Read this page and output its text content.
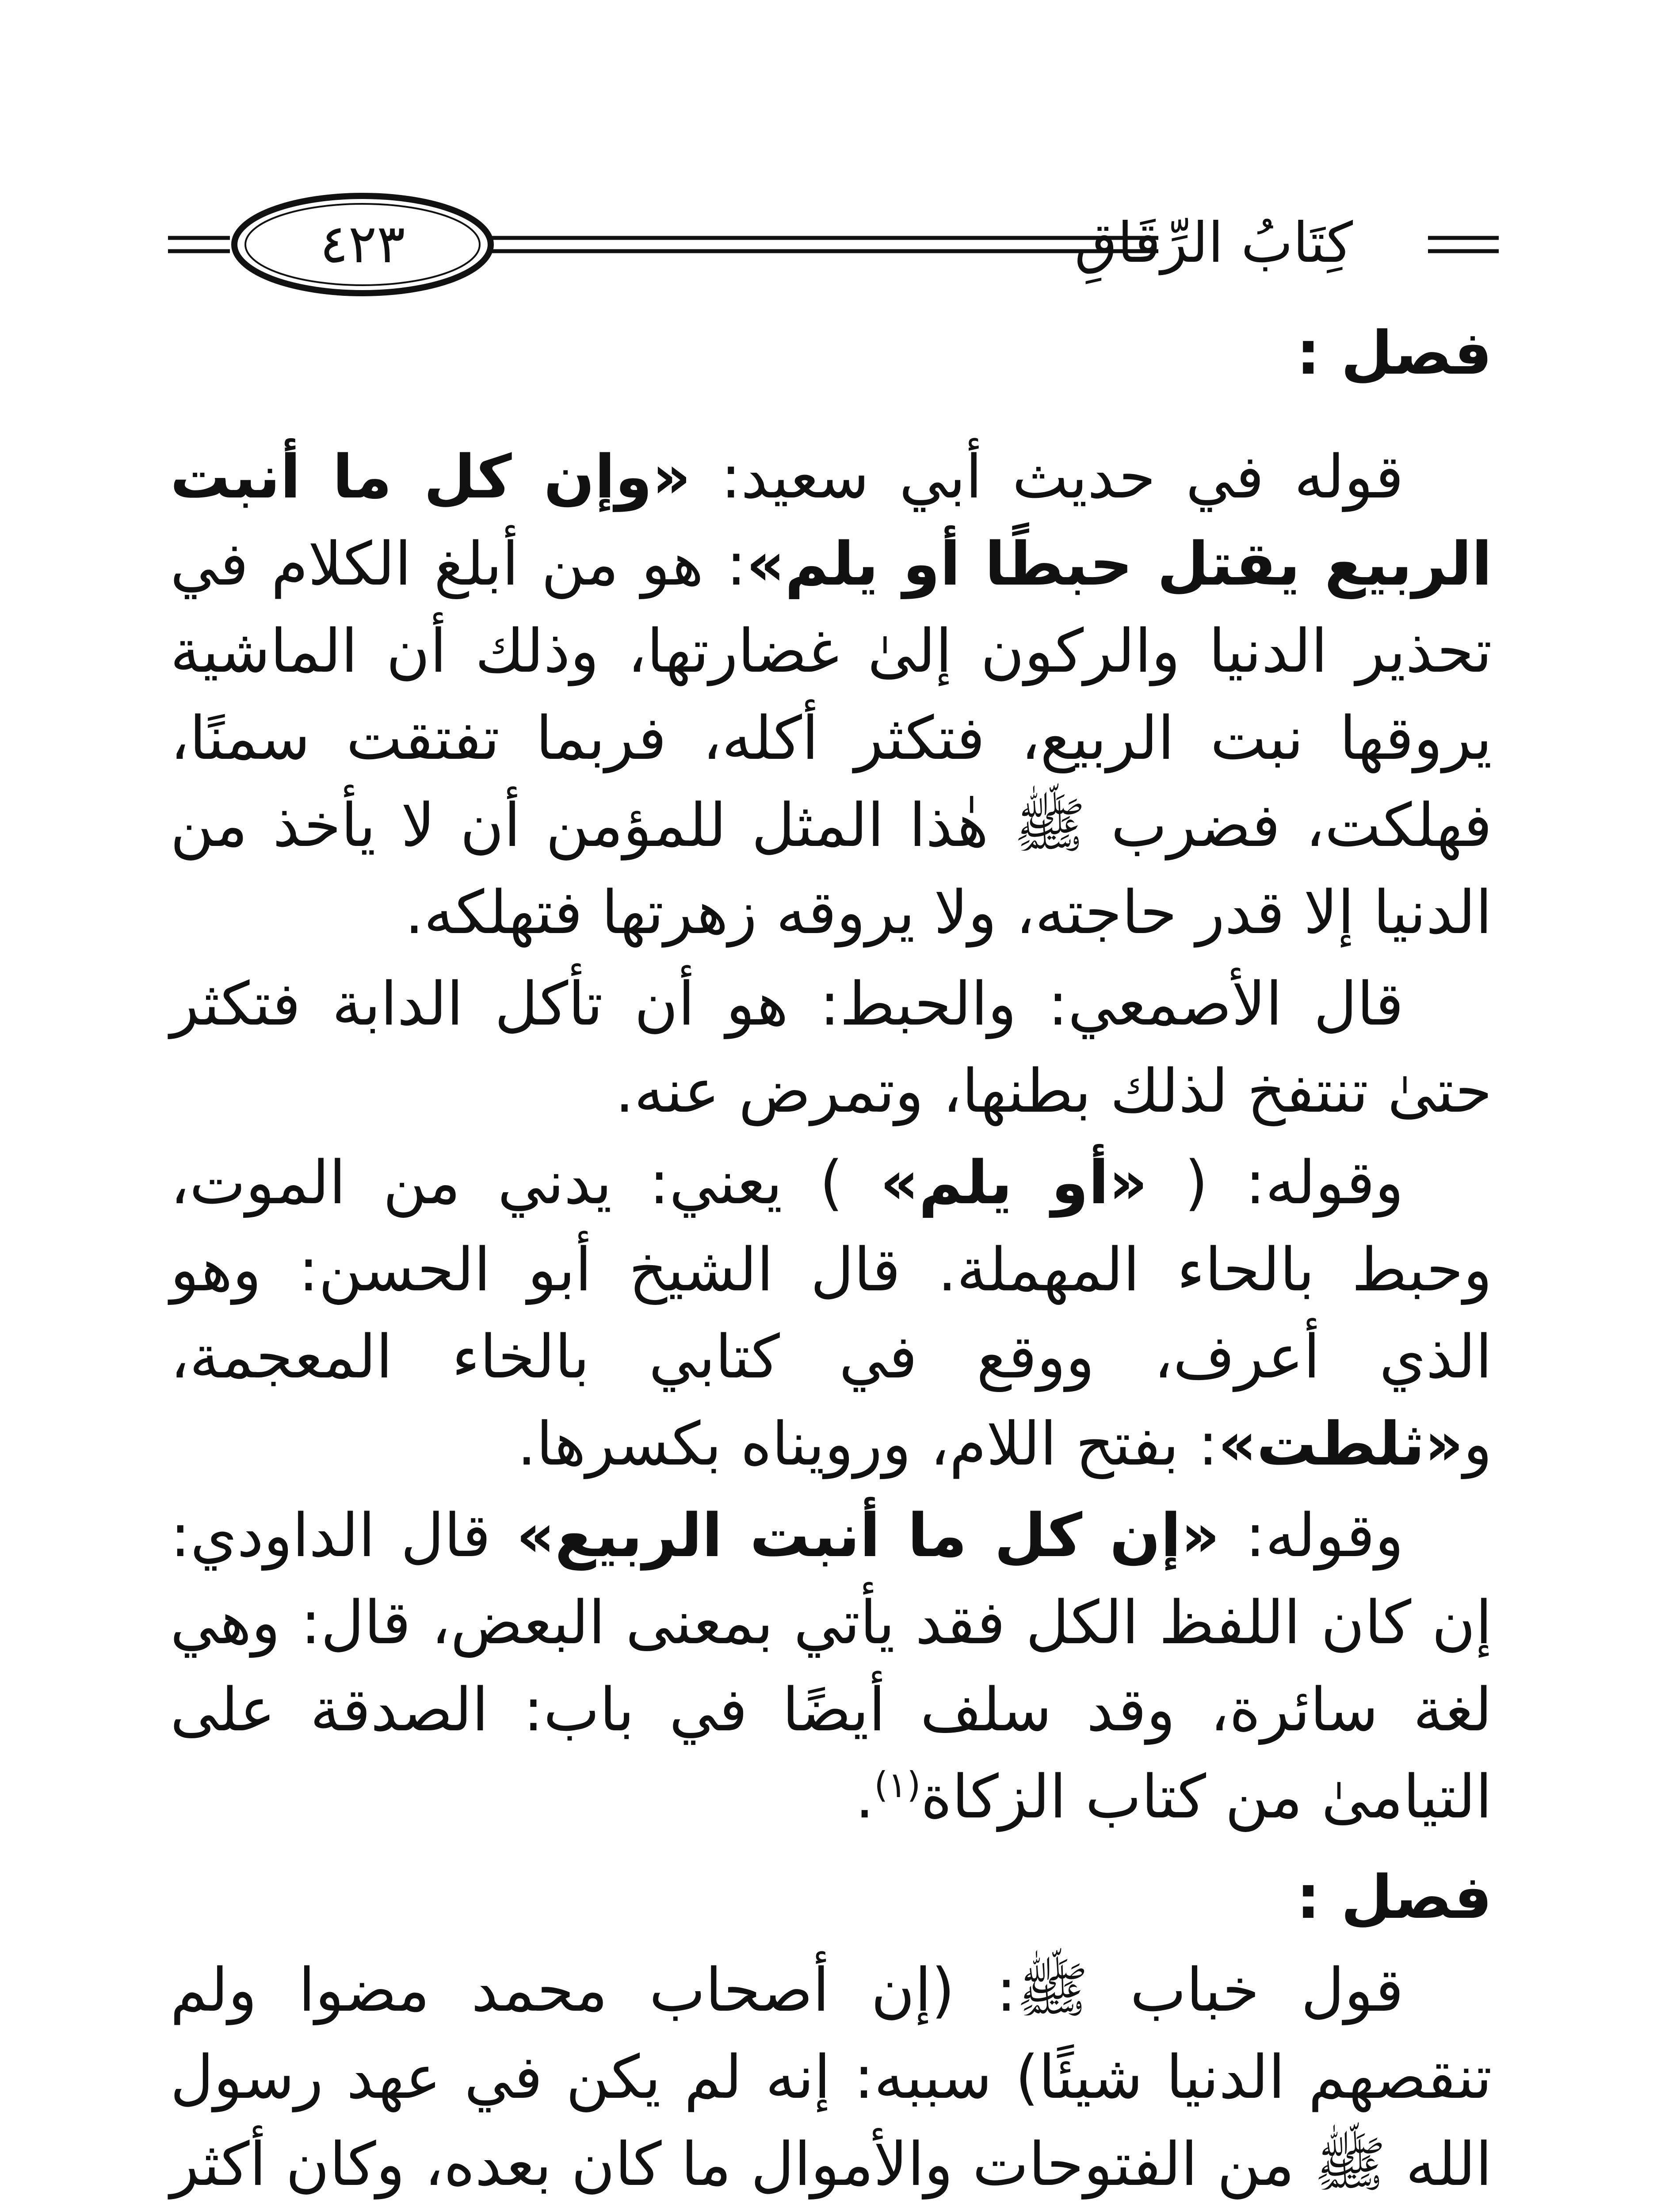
٤٢٣	كِتَابُ الرِّقَاقِ

فصل :

قوله في حديث أبي سعيد: «وإن كل ما أنبت الربيع يقتل حبطًا أو يلم»: هو من أبلغ الكلام في تحذير الدنيا والركون إلىٰ غضارتها، وذلك أن الماشية يروقها نبت الربيع، فتكثر أكله، فربما تفتقت سمنًا، فهلكت، فضرب ﷺ هٰذا المثل للمؤمن أن لا يأخذ من الدنيا إلا قدر حاجته، ولا يروقه زهرتها فتهلكه.

قال الأصمعي: والحبط: هو أن تأكل الدابة فتكثر حتىٰ تنتفخ لذلك بطنها، وتمرض عنه.

وقوله: ( «أو يلم» ) يعني: يدني من الموت، وحبط بالحاء المهملة. قال الشيخ أبو الحسن: وهو الذي أعرف، ووقع في كتابي بالخاء المعجمة، و«ثلطت»: بفتح اللام، ورويناه بكسرها.

وقوله: «إن كل ما أنبت الربيع» قال الداودي: إن كان اللفظ الكل فقد يأتي بمعنى البعض، قال: وهي لغة سائرة، وقد سلف أيضًا في باب: الصدقة على التيامىٰ من كتاب الزكاة$^{(١)}$.

فصل :

قول خباب ﷺ: (إن أصحاب محمد مضوا ولم تنقصهم الدنيا شيئًا) سببه: إنه لم يكن في عهد رسول الله ﷺ من الفتوحات والأموال ما كان بعده، وكان أكثر
